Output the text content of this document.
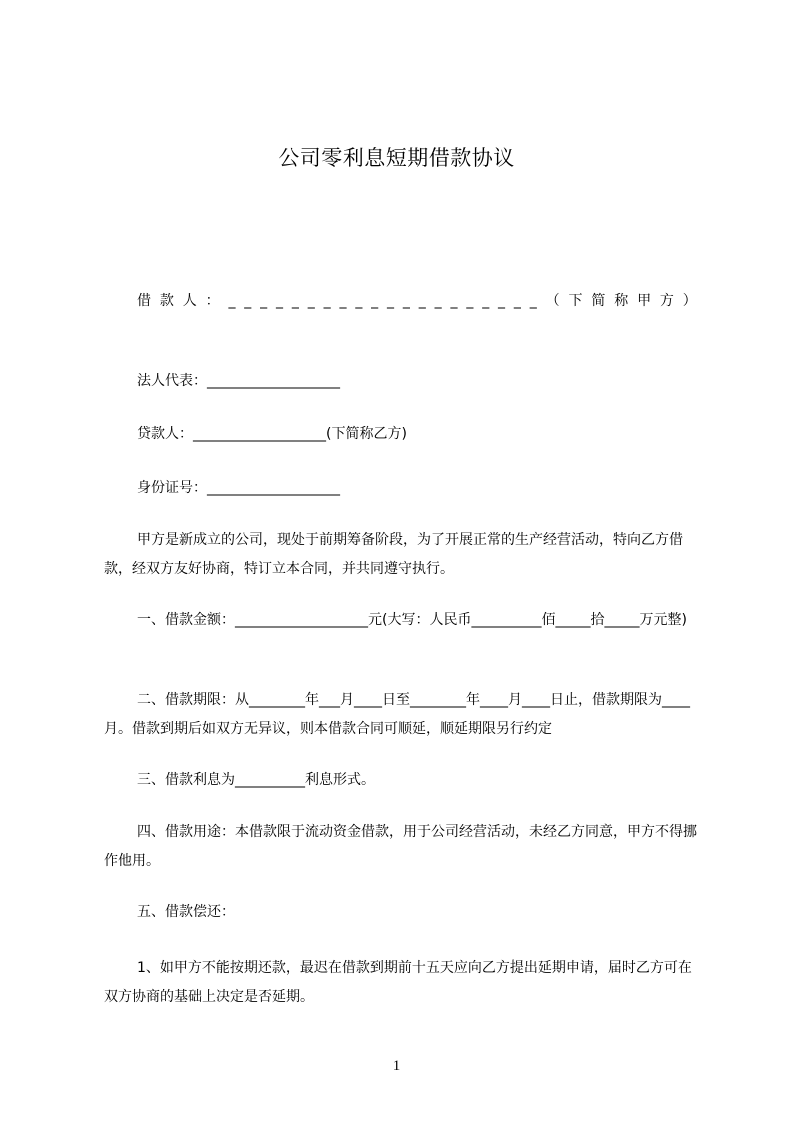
公司零利息短期借款协议
借 款 人 ： _ _ _ _ _ _ _ _ _ _ _ _ _ _ _ _ _ _ _ _ （ 下 简 称 甲 方 ）
法人代表：___________________
贷款人：___________________(下简称乙方)
身份证号：___________________
甲方是新成立的公司，现处于前期筹备阶段，为了开展正常的生产经营活动，特向乙方借款，经双方友好协商，特订立本合同，并共同遵守执行。
一、借款金额：___________________元(大写：人民币__________佰_____拾_____万元整)
二、借款期限：从________年___月____日至________年____月____日止，借款期限为____月。借款到期后如双方无异议，则本借款合同可顺延，顺延期限另行约定
三、借款利息为__________利息形式。
四、借款用途：本借款限于流动资金借款，用于公司经营活动，未经乙方同意，甲方不得挪作他用。
五、借款偿还：
1、如甲方不能按期还款，最迟在借款到期前十五天应向乙方提出延期申请，届时乙方可在双方协商的基础上决定是否延期。
1
